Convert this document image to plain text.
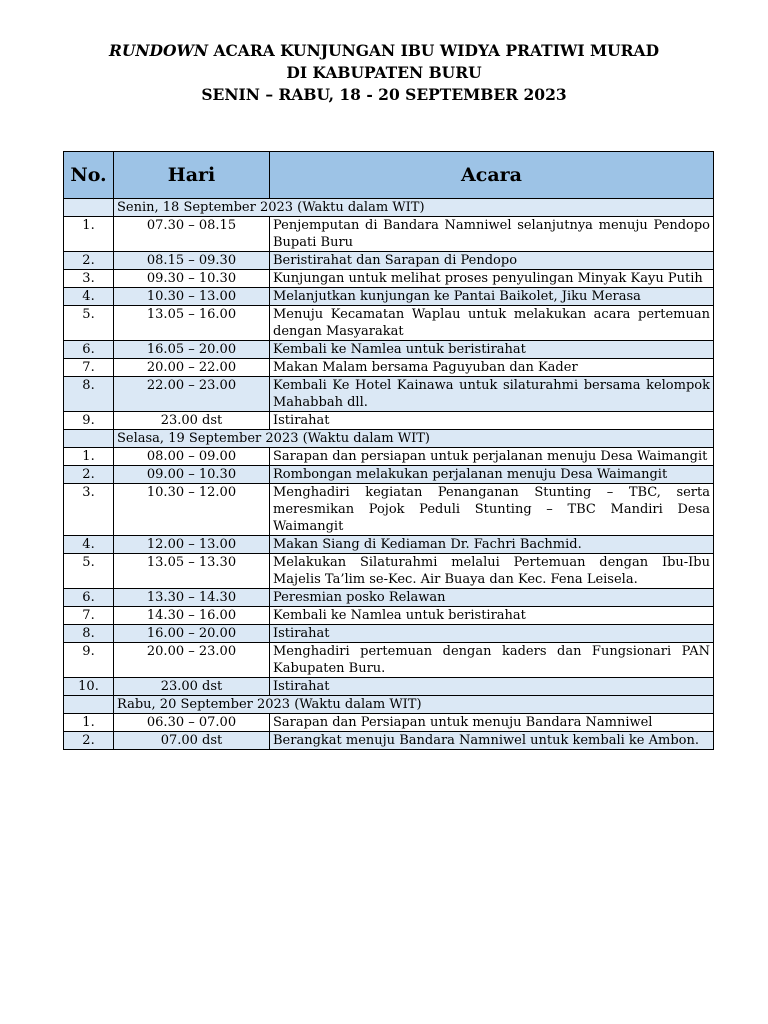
RUNDOWN ACARA KUNJUNGAN IBU WIDYA PRATIWI MURAD
DI KABUPATEN BURU
SENIN – RABU, 18 - 20 SEPTEMBER 2023
No.	Hari	Acara
	Senin, 18 September 2023 (Waktu dalam WIT)	
1.	07.30 – 08.15	Penjemputan di Bandara Namniwel selanjutnya menuju Pendopo Bupati Buru
2.	08.15 – 09.30	Beristirahat dan Sarapan di Pendopo
3.	09.30 – 10.30	Kunjungan untuk melihat proses penyulingan Minyak Kayu Putih
4.	10.30 – 13.00	Melanjutkan kunjungan ke Pantai Baikolet, Jiku Merasa
5.	13.05 – 16.00	Menuju Kecamatan Waplau untuk melakukan acara pertemuan dengan Masyarakat
6.	16.05 – 20.00	Kembali ke Namlea untuk beristirahat
7.	20.00 – 22.00	Makan Malam bersama Paguyuban dan Kader
8.	22.00 – 23.00	Kembali Ke Hotel Kainawa untuk silaturahmi bersama kelompok Mahabbah dll.
9.	23.00 dst	Istirahat
	Selasa, 19 September 2023 (Waktu dalam WIT)	
1.	08.00 – 09.00	Sarapan dan persiapan untuk perjalanan menuju Desa Waimangit
2.	09.00 – 10.30	Rombongan melakukan perjalanan menuju Desa Waimangit
3.	10.30 – 12.00	Menghadiri kegiatan Penanganan Stunting – TBC, serta meresmikan Pojok Peduli Stunting – TBC Mandiri Desa Waimangit
4.	12.00 – 13.00	Makan Siang di Kediaman Dr. Fachri Bachmid.
5.	13.05 – 13.30	Melakukan Silaturahmi melalui Pertemuan dengan Ibu-Ibu Majelis Ta’lim se-Kec. Air Buaya dan Kec. Fena Leisela.
6.	13.30 – 14.30	Peresmian posko Relawan
7.	14.30 – 16.00	Kembali ke Namlea untuk beristirahat
8.	16.00 – 20.00	Istirahat
9.	20.00 – 23.00	Menghadiri pertemuan dengan kaders dan Fungsionari PAN Kabupaten Buru.
10.	23.00 dst	Istirahat
	Rabu, 20 September 2023 (Waktu dalam WIT)	
1.	06.30 – 07.00	Sarapan dan Persiapan untuk menuju Bandara Namniwel
2.	07.00 dst	Berangkat menuju Bandara Namniwel untuk kembali ke Ambon.
